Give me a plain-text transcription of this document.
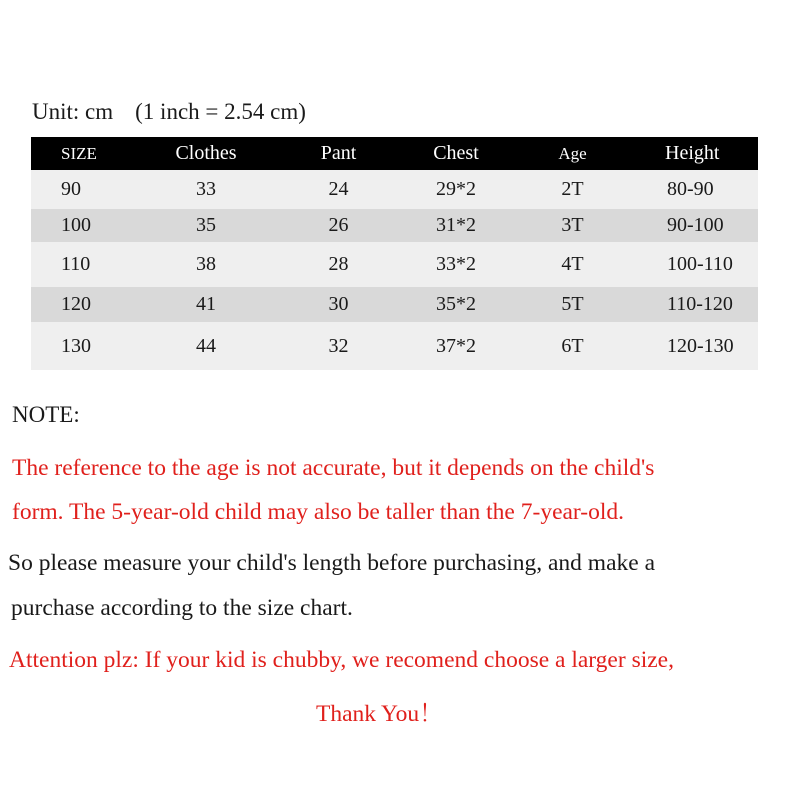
Unit: cm (1 inch = 2.54 cm)
SIZE	Clothes	Pant	Chest	Age	Height
90	33	24	29*2	2T	80-90
100	35	26	31*2	3T	90-100
110	38	28	33*2	4T	100-110
120	41	30	35*2	5T	110-120
130	44	32	37*2	6T	120-130
NOTE:
The reference to the age is not accurate, but it depends on the child's
form. The 5-year-old child may also be taller than the 7-year-old.
So please measure your child's length before purchasing, and make a
purchase according to the size chart.
Attention plz: If your kid is chubby, we recomend choose a larger size,
Thank You！
